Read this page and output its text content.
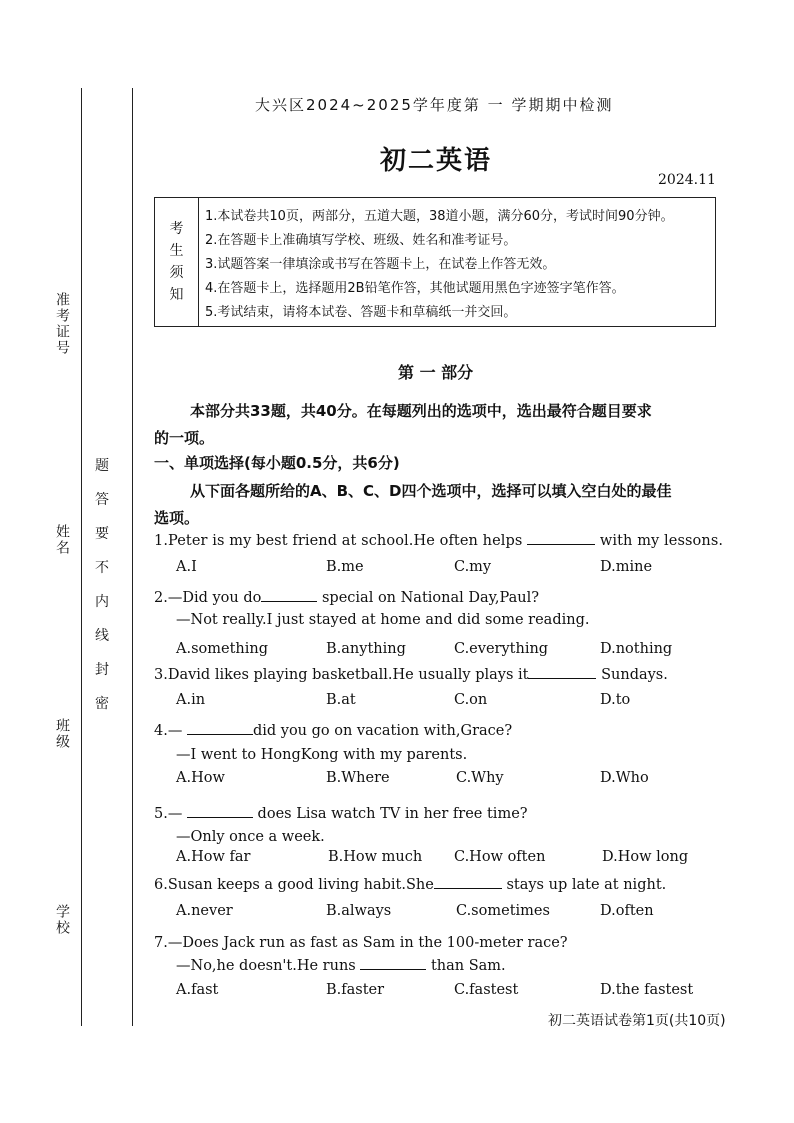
准考证号
姓名
班级
学校
题
答
要
不
内
线
封
密
大兴区2024~2025学年度第 一 学期期中检测
初二英语
2024.11
考
生
须
知
1.本试卷共10页，两部分，五道大题，38道小题，满分60分，考试时间90分钟。
2.在答题卡上准确填写学校、班级、姓名和准考证号。
3.试题答案一律填涂或书写在答题卡上，在试卷上作答无效。
4.在答题卡上，选择题用2B铅笔作答，其他试题用黑色字迹签字笔作答。
5.考试结束，请将本试卷、答题卡和草稿纸一并交回。
第 一 部分
本部分共33题，共40分。在每题列出的选项中，选出最符合题目要求
的一项。
一、单项选择(每小题0.5分，共6分)
从下面各题所给的A、B、C、D四个选项中，选择可以填入空白处的最佳
选项。
1.Peter is my best friend at school.He often helps	with my lessons.
A.I	B.me	C.my	D.mine
2.—Did you do	special on National Day,Paul?
—Not really.I just stayed at home and did some reading.
A.something	B.anything	C.everything	D.nothing
3.David likes playing basketball.He usually plays it	Sundays.
A.in	B.at	C.on	D.to
4.—	did you go on vacation with,Grace?
—I went to HongKong with my parents.
A.How	B.Where	C.Why	D.Who
5.—	does Lisa watch TV in her free time?
—Only once a week.
A.How far	B.How much C.How often	D.How long
6.Susan keeps a good living habit.She	stays up late at night.
A.never	B.always	C.sometimes	D.often
7.—Does Jack run as fast as Sam in the 100-meter race?
—No,he doesn't.He runs	than Sam.
A.fast	B.faster	C.fastest	D.the fastest
初二英语试卷第1页(共10页)
